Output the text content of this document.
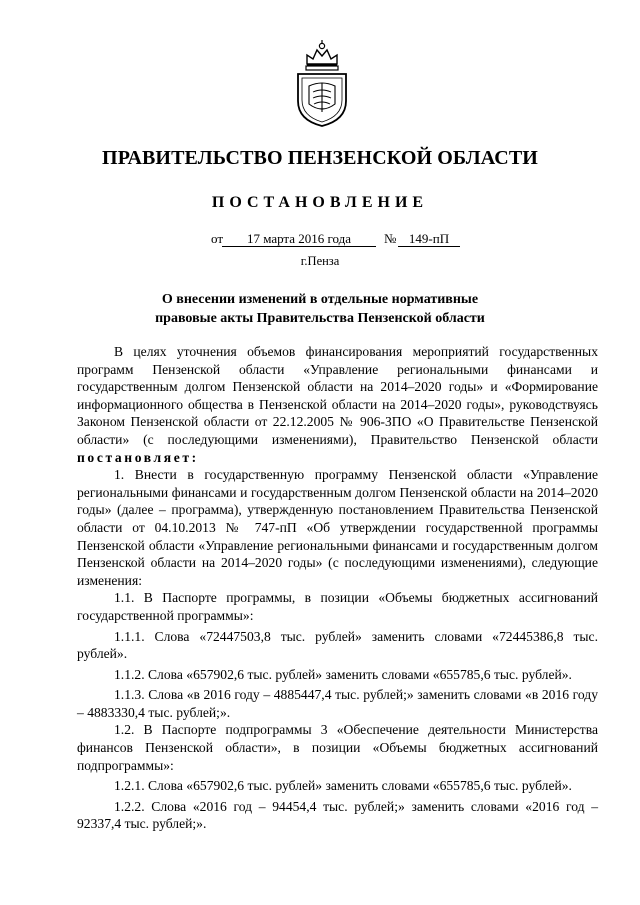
ПРАВИТЕЛЬСТВО ПЕНЗЕНСКОЙ ОБЛАСТИ
ПОСТАНОВЛЕНИЕ
от	17 марта 2016 года	№ 149-пП
г.Пенза
О внесении изменений в отдельные нормативные
правовые акты Правительства Пензенской области

В целях уточнения объемов финансирования мероприятий государственных программ Пензенской области «Управление региональными финансами и государственным долгом Пензенской области на 2014–2020 годы» и «Формирование информационного общества в Пензенской области на 2014–2020 годы», руководствуясь Законом Пензенской области от 22.12.2005 № 906-ЗПО «О Правительстве Пензенской области» (с последующими изменениями), Правительство Пензенской области постановляет:

1. Внести в государственную программу Пензенской области «Управление региональными финансами и государственным долгом Пензенской области на 2014–2020 годы» (далее – программа), утвержденную постановлением Правительства Пензенской области от 04.10.2013 № 747-пП «Об утверждении государственной программы Пензенской области «Управление региональными финансами и государственным долгом Пензенской области на 2014–2020 годы» (с последующими изменениями), следующие изменения:

1.1. В Паспорте программы, в позиции «Объемы бюджетных ассигнований государственной программы»:

1.1.1. Слова «72447503,8 тыс. рублей» заменить словами «72445386,8 тыс. рублей».

1.1.2. Слова «657902,6 тыс. рублей» заменить словами «655785,6 тыс. рублей».

1.1.3. Слова «в 2016 году – 4885447,4 тыс. рублей;» заменить словами «в 2016 году – 4883330,4 тыс. рублей;».

1.2. В Паспорте подпрограммы 3 «Обеспечение деятельности Министерства финансов Пензенской области», в позиции «Объемы бюджетных ассигнований подпрограммы»:

1.2.1. Слова «657902,6 тыс. рублей» заменить словами «655785,6 тыс. рублей».

1.2.2. Слова «2016 год – 94454,4 тыс. рублей;» заменить словами «2016 год – 92337,4 тыс. рублей;».
